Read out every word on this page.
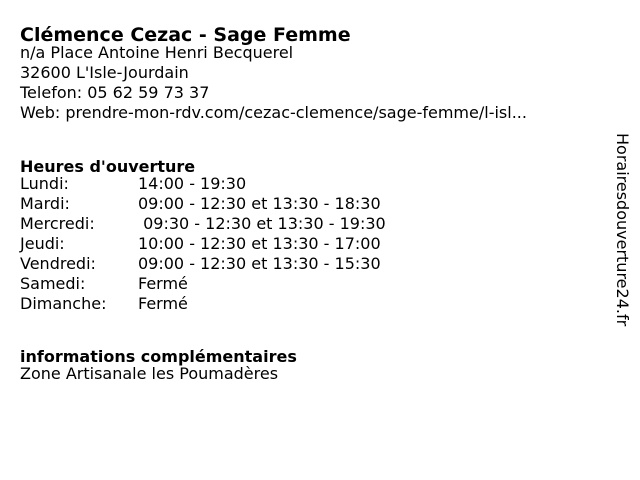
Clémence Cezac - Sage Femme
n/a Place Antoine Henri Becquerel
32600 L'Isle-Jourdain
Telefon: 05 62 59 73 37
Web: prendre-mon-rdv.com/cezac-clemence/sage-femme/l-isl...
Heures d'ouverture
Lundi:	14:00 - 19:30
Mardi:	09:00 - 12:30 et 13:30 - 18:30
Mercredi:	09:30 - 12:30 et 13:30 - 19:30
Jeudi:	10:00 - 12:30 et 13:30 - 17:00
Vendredi:	09:00 - 12:30 et 13:30 - 15:30
Samedi:	Fermé
Dimanche:	Fermé
informations complémentaires
Zone Artisanale les Poumadères
Horairesdouverture24.fr
